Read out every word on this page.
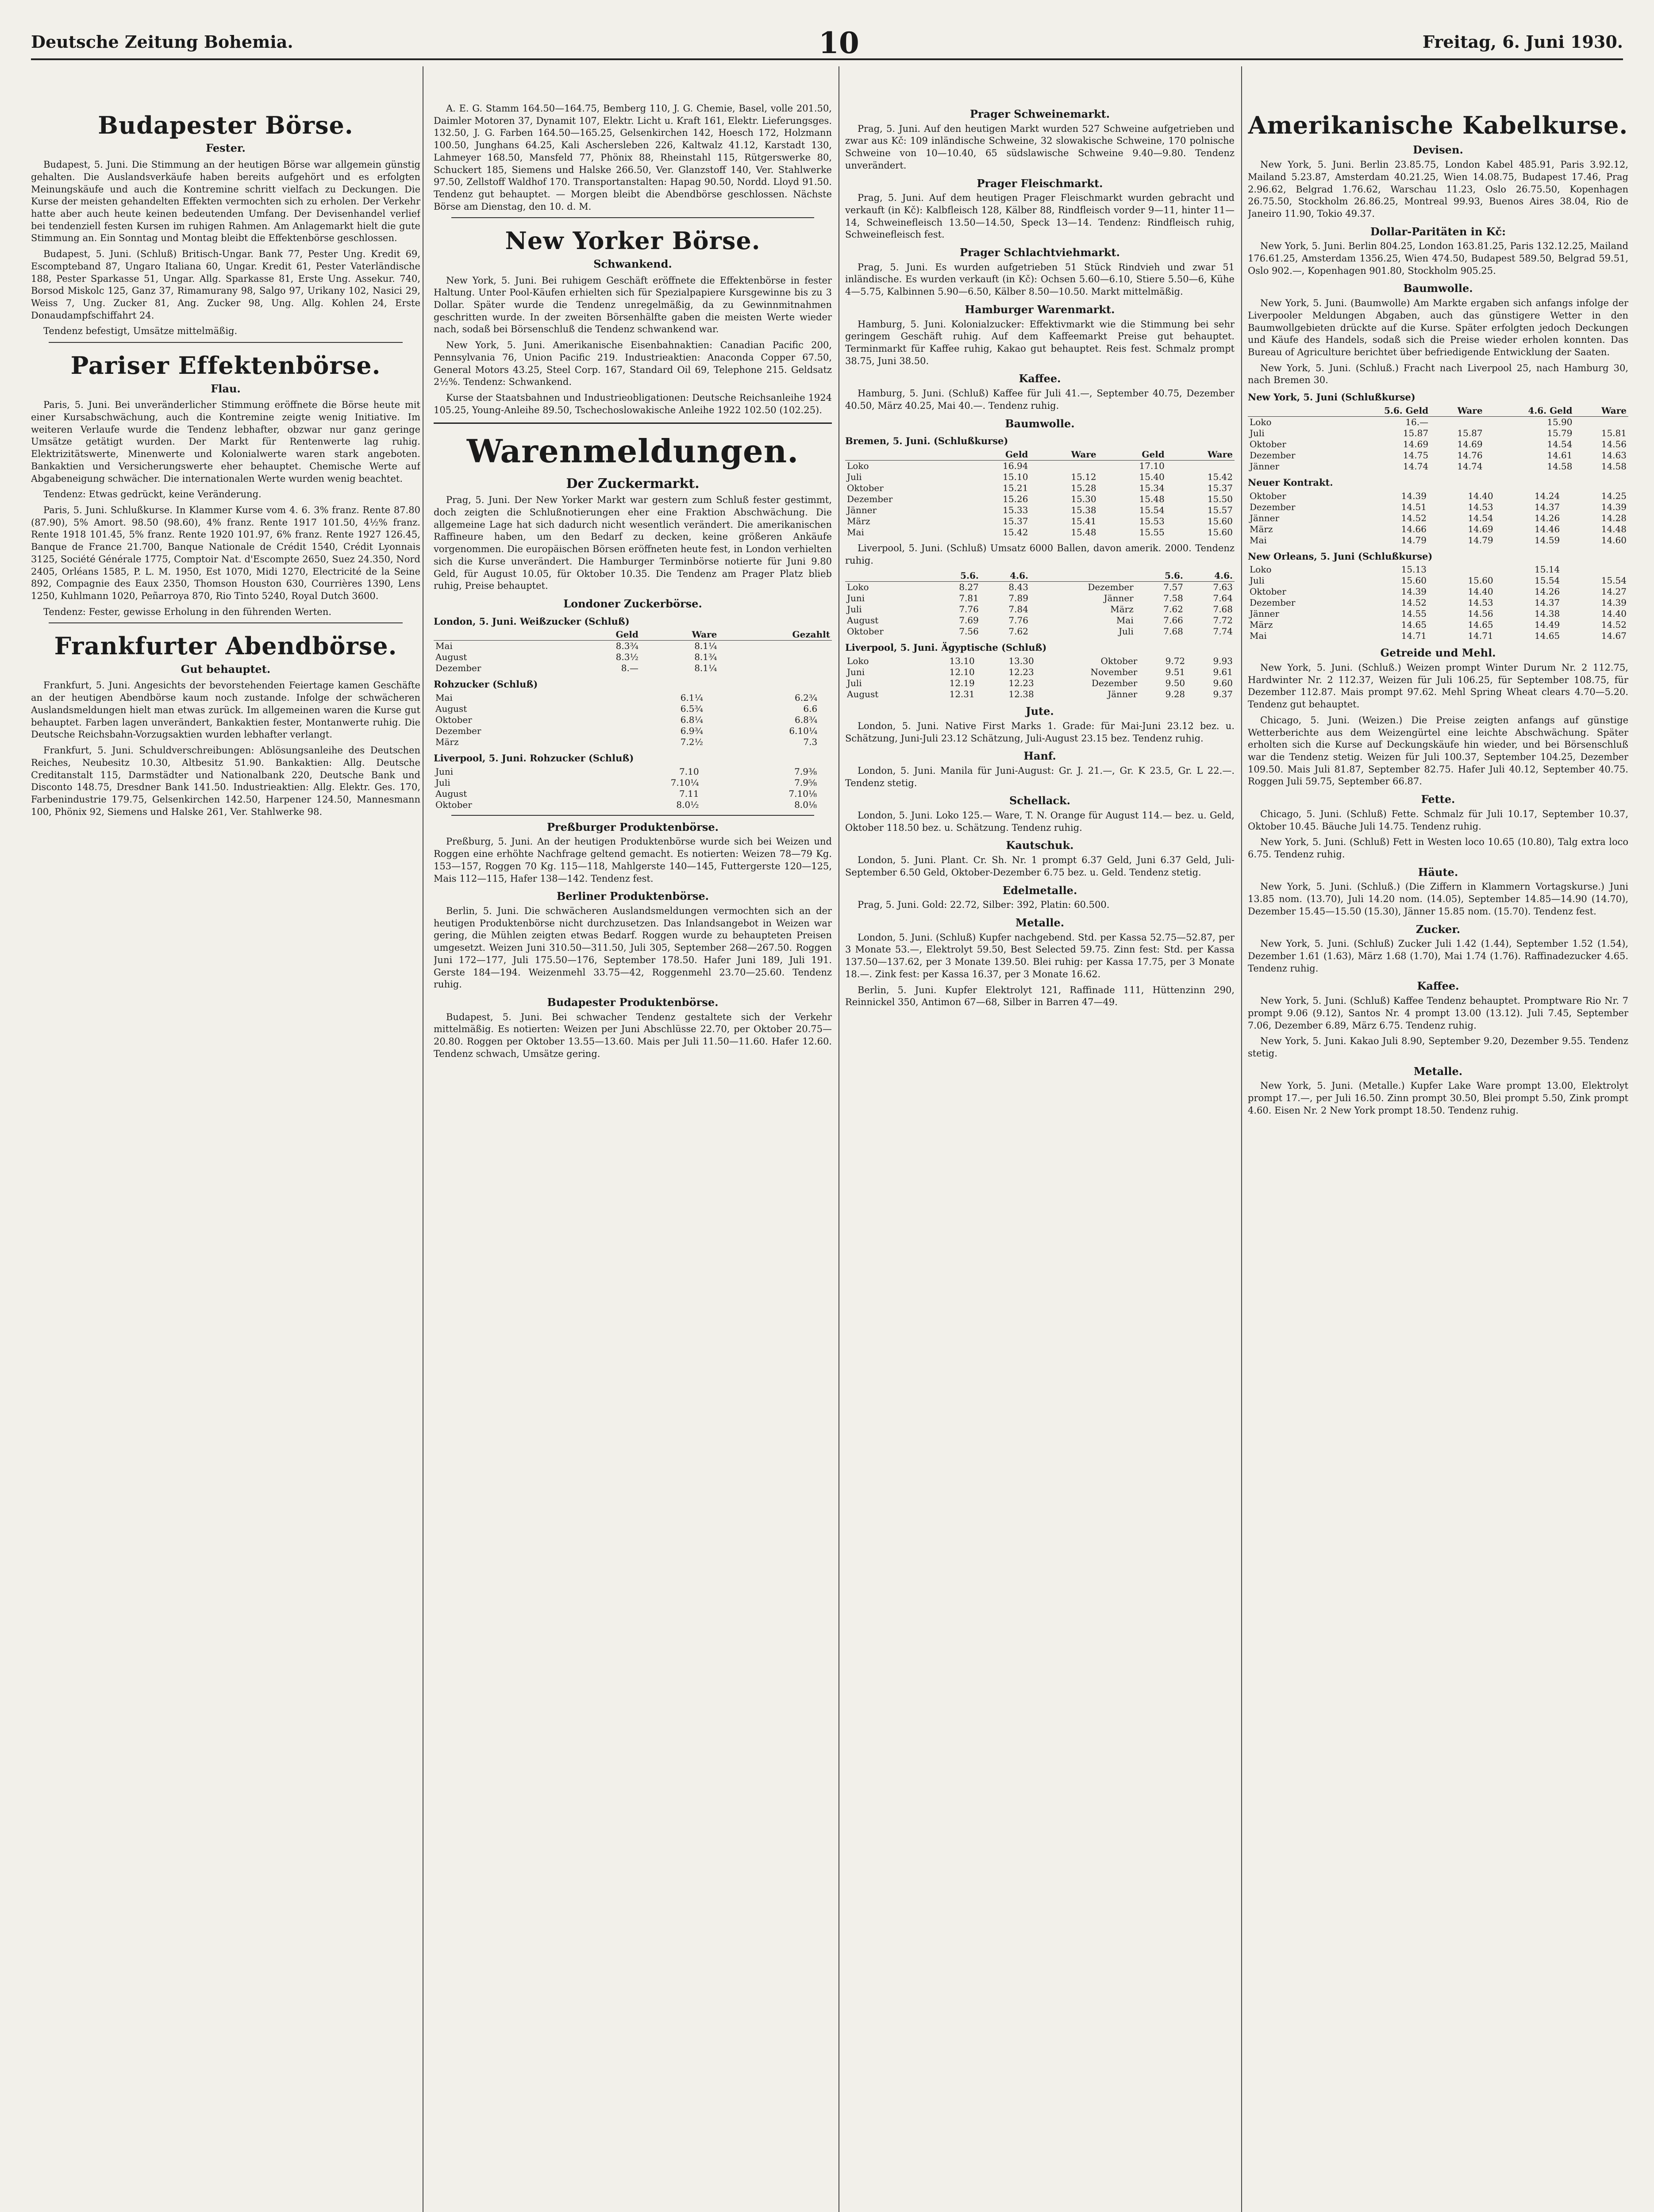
Deutsche Zeitung Bohemia.	10	Freitag, 6. Juni 1930.
Budapester Börse.
Fester.

Budapest, 5. Juni. Die Stimmung an der heutigen Börse war allgemein günstig gehalten. Die Auslandsverkäufe haben bereits aufgehört und es erfolgten Meinungskäufe und auch die Kontremine schritt vielfach zu Deckungen. Die Kurse der meisten gehandelten Effekten vermochten sich zu erholen. Der Verkehr hatte aber auch heute keinen bedeutenden Umfang. Der Devisenhandel verlief bei tendenziell festen Kursen im ruhigen Rahmen. Am Anlagemarkt hielt die gute Stimmung an. Ein Sonntag und Montag bleibt die Effektenbörse geschlossen.

Budapest, 5. Juni. (Schluß) Britisch-Ungar. Bank 77, Pester Ung. Kredit 69, Escompteband 87, Ungaro Italiana 60, Ungar. Kredit 61, Pester Vaterländische 188, Pester Sparkasse 51, Ungar. Allg. Sparkasse 81, Erste Ung. Assekur. 740, Borsod Miskolc 125, Ganz 37, Rimamurany 98, Salgo 97, Urikany 102, Nasici 29, Weiss 7, Ung. Zucker 81, Ang. Zucker 98, Ung. Allg. Kohlen 24, Erste Donaudampfschiffahrt 24.

Tendenz befestigt, Umsätze mittelmäßig.

Pariser Effektenbörse.
Flau.

Paris, 5. Juni. Bei unveränderlicher Stimmung eröffnete die Börse heute mit einer Kursabschwächung, auch die Kontremine zeigte wenig Initiative. Im weiteren Verlaufe wurde die Tendenz lebhafter, obzwar nur ganz geringe Umsätze getätigt wurden. Der Markt für Rentenwerte lag ruhig. Elektrizitätswerte, Minenwerte und Kolonialwerte waren stark angeboten. Bankaktien und Versicherungswerte eher behauptet. Chemische Werte auf Abgabeneigung schwächer. Die internationalen Werte wurden wenig beachtet.

Tendenz: Etwas gedrückt, keine Veränderung.

Paris, 5. Juni. Schlußkurse. In Klammer Kurse vom 4. 6. 3% franz. Rente 87.80 (87.90), 5% Amort. 98.50 (98.60), 4% franz. Rente 1917 101.50, 4½% franz. Rente 1918 101.45, 5% franz. Rente 1920 101.97, 6% franz. Rente 1927 126.45, Banque de France 21.700, Banque Nationale de Crédit 1540, Crédit Lyonnais 3125, Société Générale 1775, Comptoir Nat. d'Escompte 2650, Suez 24.350, Nord 2405, Orléans 1585, P. L. M. 1950, Est 1070, Midi 1270, Electricité de la Seine 892, Compagnie des Eaux 2350, Thomson Houston 630, Courrières 1390, Lens 1250, Kuhlmann 1020, Peñarroya 870, Rio Tinto 5240, Royal Dutch 3600.

Tendenz: Fester, gewisse Erholung in den führenden Werten.

Frankfurter Abendbörse.
Gut behauptet.

Frankfurt, 5. Juni. Angesichts der bevorstehenden Feiertage kamen Geschäfte an der heutigen Abendbörse kaum noch zustande. Infolge der schwächeren Auslandsmeldungen hielt man etwas zurück. Im allgemeinen waren die Kurse gut behauptet. Farben lagen unverändert, Bankaktien fester, Montanwerte ruhig. Die Deutsche Reichsbahn-Vorzugsaktien wurden lebhafter verlangt.

Frankfurt, 5. Juni. Schuldverschreibungen: Ablösungsanleihe des Deutschen Reiches, Neubesitz 10.30, Altbesitz 51.90. Bankaktien: Allg. Deutsche Creditanstalt 115, Darmstädter und Nationalbank 220, Deutsche Bank und Disconto 148.75, Dresdner Bank 141.50. Industrieaktien: Allg. Elektr. Ges. 170, Farbenindustrie 179.75, Gelsenkirchen 142.50, Harpener 124.50, Mannesmann 100, Phönix 92, Siemens und Halske 261, Ver. Stahlwerke 98.

A. E. G. Stamm 164.50—164.75, Bemberg 110, J. G. Chemie, Basel, volle 201.50, Daimler Motoren 37, Dynamit 107, Elektr. Licht u. Kraft 161, Elektr. Lieferungsges. 132.50, J. G. Farben 164.50—165.25, Gelsenkirchen 142, Hoesch 172, Holzmann 100.50, Junghans 64.25, Kali Aschersleben 226, Kaltwalz 41.12, Karstadt 130, Lahmeyer 168.50, Mansfeld 77, Phönix 88, Rheinstahl 115, Rütgerswerke 80, Schuckert 185, Siemens und Halske 266.50, Ver. Glanzstoff 140, Ver. Stahlwerke 97.50, Zellstoff Waldhof 170. Transportanstalten: Hapag 90.50, Nordd. Lloyd 91.50. Tendenz gut behauptet. — Morgen bleibt die Abendbörse geschlossen. Nächste Börse am Dienstag, den 10. d. M.

New Yorker Börse.
Schwankend.

New York, 5. Juni. Bei ruhigem Geschäft eröffnete die Effektenbörse in fester Haltung. Unter Pool-Käufen erhielten sich für Spezialpapiere Kursgewinne bis zu 3 Dollar. Später wurde die Tendenz unregelmäßig, da zu Gewinnmitnahmen geschritten wurde. In der zweiten Börsenhälfte gaben die meisten Werte wieder nach, sodaß bei Börsenschluß die Tendenz schwankend war.

New York, 5. Juni. Amerikanische Eisenbahnaktien: Canadian Pacific 200, Pennsylvania 76, Union Pacific 219. Industrieaktien: Anaconda Copper 67.50, General Motors 43.25, Steel Corp. 167, Standard Oil 69, Telephone 215. Geldsatz 2½%. Tendenz: Schwankend.

Kurse der Staatsbahnen und Industrieobligationen: Deutsche Reichsanleihe 1924 105.25, Young-Anleihe 89.50, Tschechoslowakische Anleihe 1922 102.50 (102.25).

Warenmeldungen.
Der Zuckermarkt.

Prag, 5. Juni. Der New Yorker Markt war gestern zum Schluß fester gestimmt, doch zeigten die Schlußnotierungen eher eine Fraktion Abschwächung. Die allgemeine Lage hat sich dadurch nicht wesentlich verändert. Die amerikanischen Raffineure haben, um den Bedarf zu decken, keine größeren Ankäufe vorgenommen. Die europäischen Börsen eröffneten heute fest, in London verhielten sich die Kurse unverändert. Die Hamburger Terminbörse notierte für Juni 9.80 Geld, für August 10.05, für Oktober 10.35. Die Tendenz am Prager Platz blieb ruhig, Preise behauptet.

Londoner Zuckerbörse.
London, 5. Juni. Weißzucker (Schluß)
	Geld	Ware	Gezahlt
Mai	8.3¾	8.1¼	
August	8.3½	8.1¾	
Dezember	8.—	8.1¼	
Rohzucker (Schluß)
Mai	6.1¼	6.2¾	
August	6.5¾	6.6	
Oktober	6.8¼	6.8¾	
Dezember	6.9¾	6.10¼	
März	7.2½	7.3	
Liverpool, 5. Juni. Rohzucker (Schluß)
Juni	7.10	7.9⅜	
Juli	7.10¼	7.9⅝	
August	7.11	7.10⅛	
Oktober	8.0½	8.0⅛	
Preßburger Produktenbörse.

Preßburg, 5. Juni. An der heutigen Produktenbörse wurde sich bei Weizen und Roggen eine erhöhte Nachfrage geltend gemacht. Es notierten: Weizen 78—79 Kg. 153—157, Roggen 70 Kg. 115—118, Mahlgerste 140—145, Futtergerste 120—125, Mais 112—115, Hafer 138—142. Tendenz fest.

Berliner Produktenbörse.

Berlin, 5. Juni. Die schwächeren Auslandsmeldungen vermochten sich an der heutigen Produktenbörse nicht durchzusetzen. Das Inlandsangebot in Weizen war gering, die Mühlen zeigten etwas Bedarf. Roggen wurde zu behaupteten Preisen umgesetzt. Weizen Juni 310.50—311.50, Juli 305, September 268—267.50. Roggen Juni 172—177, Juli 175.50—176, September 178.50. Hafer Juni 189, Juli 191. Gerste 184—194. Weizenmehl 33.75—42, Roggenmehl 23.70—25.60. Tendenz ruhig.

Budapester Produktenbörse.

Budapest, 5. Juni. Bei schwacher Tendenz gestaltete sich der Verkehr mittelmäßig. Es notierten: Weizen per Juni Abschlüsse 22.70, per Oktober 20.75—20.80. Roggen per Oktober 13.55—13.60. Mais per Juli 11.50—11.60. Hafer 12.60. Tendenz schwach, Umsätze gering.

Prager Schweinemarkt.

Prag, 5. Juni. Auf den heutigen Markt wurden 527 Schweine aufgetrieben und zwar aus Kč: 109 inländische Schweine, 32 slowakische Schweine, 170 polnische Schweine von 10—10.40, 65 südslawische Schweine 9.40—9.80. Tendenz unverändert.

Prager Fleischmarkt.

Prag, 5. Juni. Auf dem heutigen Prager Fleischmarkt wurden gebracht und verkauft (in Kč): Kalbfleisch 128, Kälber 88, Rindfleisch vorder 9—11, hinter 11—14, Schweinefleisch 13.50—14.50, Speck 13—14. Tendenz: Rindfleisch ruhig, Schweinefleisch fest.

Prager Schlachtviehmarkt.

Prag, 5. Juni. Es wurden aufgetrieben 51 Stück Rindvieh und zwar 51 inländische. Es wurden verkauft (in Kč): Ochsen 5.60—6.10, Stiere 5.50—6, Kühe 4—5.75, Kalbinnen 5.90—6.50, Kälber 8.50—10.50. Markt mittelmäßig.

Hamburger Warenmarkt.

Hamburg, 5. Juni. Kolonialzucker: Effektivmarkt wie die Stimmung bei sehr geringem Geschäft ruhig. Auf dem Kaffeemarkt Preise gut behauptet. Terminmarkt für Kaffee ruhig, Kakao gut behauptet. Reis fest. Schmalz prompt 38.75, Juni 38.50.

Kaffee.

Hamburg, 5. Juni. (Schluß) Kaffee für Juli 41.—, September 40.75, Dezember 40.50, März 40.25, Mai 40.—. Tendenz ruhig.

Baumwolle.
Bremen, 5. Juni. (Schlußkurse)
	Geld	Ware	Geld	Ware
Loko	16.94		17.10	
Juli	15.10	15.12	15.40	15.42
Oktober	15.21	15.28	15.34	15.37
Dezember	15.26	15.30	15.48	15.50
Jänner	15.33	15.38	15.54	15.57
März	15.37	15.41	15.53	15.60
Mai	15.42	15.48	15.55	15.60

Liverpool, 5. Juni. (Schluß) Umsatz 6000 Ballen, davon amerik. 2000. Tendenz ruhig.

	5.6.	4.6.		5.6.	4.6.
Loko	8.27	8.43	Dezember	7.57	7.63
Juni	7.81	7.89	Jänner	7.58	7.64
Juli	7.76	7.84	März	7.62	7.68
August	7.69	7.76	Mai	7.66	7.72
Oktober	7.56	7.62	Juli	7.68	7.74
Liverpool, 5. Juni. Ägyptische (Schluß)
Loko	13.10	13.30	Oktober	9.72	9.93
Juni	12.10	12.23	November	9.51	9.61
Juli	12.19	12.23	Dezember	9.50	9.60
August	12.31	12.38	Jänner	9.28	9.37
Jute.

London, 5. Juni. Native First Marks 1. Grade: für Mai-Juni 23.12 bez. u. Schätzung, Juni-Juli 23.12 Schätzung, Juli-August 23.15 bez. Tendenz ruhig.

Hanf.

London, 5. Juni. Manila für Juni-August: Gr. J. 21.—, Gr. K 23.5, Gr. L 22.—. Tendenz stetig.

Schellack.

London, 5. Juni. Loko 125.— Ware, T. N. Orange für August 114.— bez. u. Geld, Oktober 118.50 bez. u. Schätzung. Tendenz ruhig.

Kautschuk.

London, 5. Juni. Plant. Cr. Sh. Nr. 1 prompt 6.37 Geld, Juni 6.37 Geld, Juli-September 6.50 Geld, Oktober-Dezember 6.75 bez. u. Geld. Tendenz stetig.

Edelmetalle.

Prag, 5. Juni. Gold: 22.72, Silber: 392, Platin: 60.500.

Metalle.

London, 5. Juni. (Schluß) Kupfer nachgebend. Std. per Kassa 52.75—52.87, per 3 Monate 53.—, Elektrolyt 59.50, Best Selected 59.75. Zinn fest: Std. per Kassa 137.50—137.62, per 3 Monate 139.50. Blei ruhig: per Kassa 17.75, per 3 Monate 18.—. Zink fest: per Kassa 16.37, per 3 Monate 16.62.

Berlin, 5. Juni. Kupfer Elektrolyt 121, Raffinade 111, Hüttenzinn 290, Reinnickel 350, Antimon 67—68, Silber in Barren 47—49.

Amerikanische Kabelkurse.
Devisen.

New York, 5. Juni. Berlin 23.85.75, London Kabel 485.91, Paris 3.92.12, Mailand 5.23.87, Amsterdam 40.21.25, Wien 14.08.75, Budapest 17.46, Prag 2.96.62, Belgrad 1.76.62, Warschau 11.23, Oslo 26.75.50, Kopenhagen 26.75.50, Stockholm 26.86.25, Montreal 99.93, Buenos Aires 38.04, Rio de Janeiro 11.90, Tokio 49.37.

Dollar-Paritäten in Kč:

New York, 5. Juni. Berlin 804.25, London 163.81.25, Paris 132.12.25, Mailand 176.61.25, Amsterdam 1356.25, Wien 474.50, Budapest 589.50, Belgrad 59.51, Oslo 902.—, Kopenhagen 901.80, Stockholm 905.25.

Baumwolle.

New York, 5. Juni. (Baumwolle) Am Markte ergaben sich anfangs infolge der Liverpooler Meldungen Abgaben, auch das günstigere Wetter in den Baumwollgebieten drückte auf die Kurse. Später erfolgten jedoch Deckungen und Käufe des Handels, sodaß sich die Preise wieder erholen konnten. Das Bureau of Agriculture berichtet über befriedigende Entwicklung der Saaten.

New York, 5. Juni. (Schluß.) Fracht nach Liverpool 25, nach Hamburg 30, nach Bremen 30.

New York, 5. Juni (Schlußkurse)
	5.6. Geld	Ware	4.6. Geld	Ware
Loko	16.—		15.90	
Juli	15.87	15.87	15.79	15.81
Oktober	14.69	14.69	14.54	14.56
Dezember	14.75	14.76	14.61	14.63
Jänner	14.74	14.74	14.58	14.58
Neuer Kontrakt.
Oktober	14.39	14.40	14.24	14.25
Dezember	14.51	14.53	14.37	14.39
Jänner	14.52	14.54	14.26	14.28
März	14.66	14.69	14.46	14.48
Mai	14.79	14.79	14.59	14.60
New Orleans, 5. Juni (Schlußkurse)
Loko	15.13		15.14	
Juli	15.60	15.60	15.54	15.54
Oktober	14.39	14.40	14.26	14.27
Dezember	14.52	14.53	14.37	14.39
Jänner	14.55	14.56	14.38	14.40
März	14.65	14.65	14.49	14.52
Mai	14.71	14.71	14.65	14.67
Getreide und Mehl.

New York, 5. Juni. (Schluß.) Weizen prompt Winter Durum Nr. 2 112.75, Hardwinter Nr. 2 112.37, Weizen für Juli 106.25, für September 108.75, für Dezember 112.87. Mais prompt 97.62. Mehl Spring Wheat clears 4.70—5.20. Tendenz gut behauptet.

Chicago, 5. Juni. (Weizen.) Die Preise zeigten anfangs auf günstige Wetterberichte aus dem Weizengürtel eine leichte Abschwächung. Später erholten sich die Kurse auf Deckungskäufe hin wieder, und bei Börsenschluß war die Tendenz stetig. Weizen für Juli 100.37, September 104.25, Dezember 109.50. Mais Juli 81.87, September 82.75. Hafer Juli 40.12, September 40.75. Roggen Juli 59.75, September 66.87.

Fette.

Chicago, 5. Juni. (Schluß) Fette. Schmalz für Juli 10.17, September 10.37, Oktober 10.45. Bäuche Juli 14.75. Tendenz ruhig.

New York, 5. Juni. (Schluß) Fett in Westen loco 10.65 (10.80), Talg extra loco 6.75. Tendenz ruhig.

Häute.

New York, 5. Juni. (Schluß.) (Die Ziffern in Klammern Vortagskurse.) Juni 13.85 nom. (13.70), Juli 14.20 nom. (14.05), September 14.85—14.90 (14.70), Dezember 15.45—15.50 (15.30), Jänner 15.85 nom. (15.70). Tendenz fest.

Zucker.

New York, 5. Juni. (Schluß) Zucker Juli 1.42 (1.44), September 1.52 (1.54), Dezember 1.61 (1.63), März 1.68 (1.70), Mai 1.74 (1.76). Raffinadezucker 4.65. Tendenz ruhig.

Kaffee.

New York, 5. Juni. (Schluß) Kaffee Tendenz behauptet. Promptware Rio Nr. 7 prompt 9.06 (9.12), Santos Nr. 4 prompt 13.00 (13.12). Juli 7.45, September 7.06, Dezember 6.89, März 6.75. Tendenz ruhig.

New York, 5. Juni. Kakao Juli 8.90, September 9.20, Dezember 9.55. Tendenz stetig.

Metalle.

New York, 5. Juni. (Metalle.) Kupfer Lake Ware prompt 13.00, Elektrolyt prompt 17.—, per Juli 16.50. Zinn prompt 30.50, Blei prompt 5.50, Zink prompt 4.60. Eisen Nr. 2 New York prompt 18.50. Tendenz ruhig.
